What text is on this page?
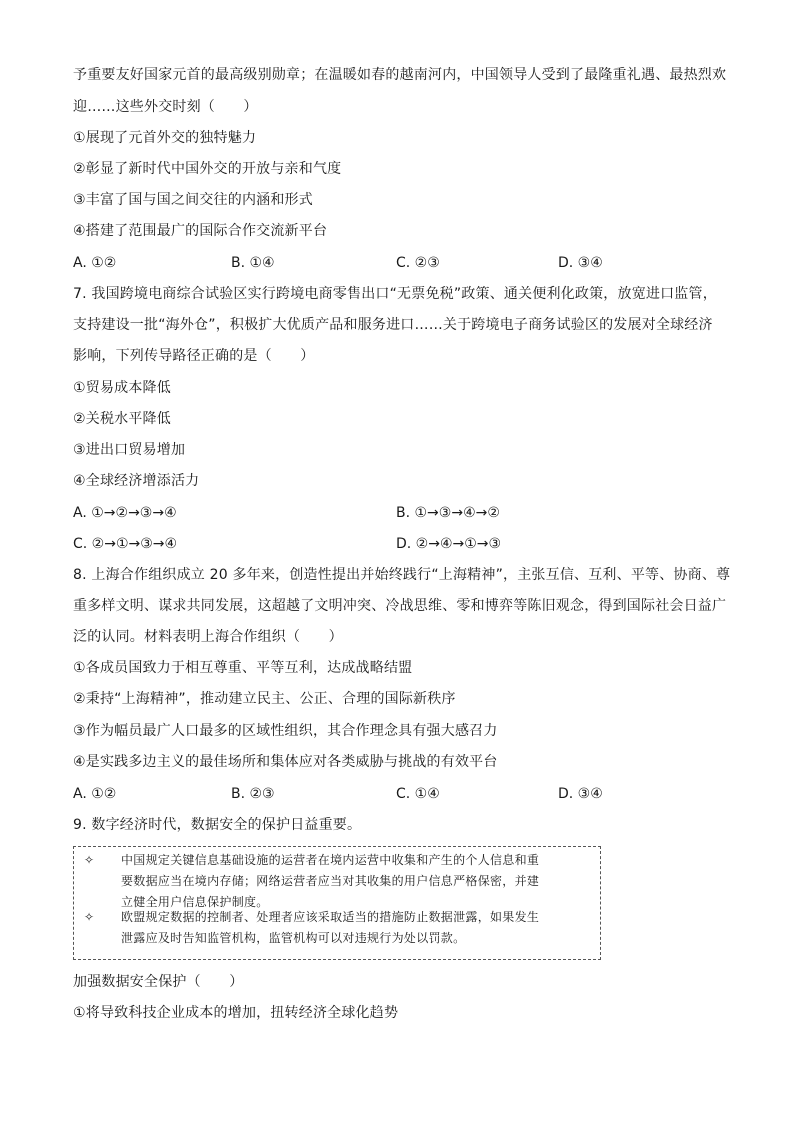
予重要友好国家元首的最高级别勋章；在温暖如春的越南河内，中国领导人受到了最隆重礼遇、最热烈欢
迎……这些外交时刻（　　）
①展现了元首外交的独特魅力
②彰显了新时代中国外交的开放与亲和气度
③丰富了国与国之间交往的内涵和形式
④搭建了范围最广的国际合作交流新平台
A. ①②	B. ①④	C. ②③	D. ③④
7. 我国跨境电商综合试验区实行跨境电商零售出口“无票免税”政策、通关便利化政策，放宽进口监管，
支持建设一批“海外仓”，积极扩大优质产品和服务进口……关于跨境电子商务试验区的发展对全球经济
影响，下列传导路径正确的是（　　）
①贸易成本降低
②关税水平降低
③进出口贸易增加
④全球经济增添活力
A. ①→②→③→④	B. ①→③→④→②
C. ②→①→③→④	D. ②→④→①→③
8. 上海合作组织成立 20 多年来，创造性提出并始终践行“上海精神”，主张互信、互利、平等、协商、尊
重多样文明、谋求共同发展，这超越了文明冲突、冷战思维、零和博弈等陈旧观念，得到国际社会日益广
泛的认同。材料表明上海合作组织（　　）
①各成员国致力于相互尊重、平等互利，达成战略结盟
②秉持“上海精神”，推动建立民主、公正、合理的国际新秩序
③作为幅员最广人口最多的区域性组织，其合作理念具有强大感召力
④是实践多边主义的最佳场所和集体应对各类威胁与挑战的有效平台
A. ①②	B. ②③	C. ①④	D. ③④
9. 数字经济时代，数据安全的保护日益重要。
✧ 中国规定关键信息基础设施的运营者在境内运营中收集和产生的个人信息和重
要数据应当在境内存储；网络运营者应当对其收集的用户信息严格保密，并建
立健全用户信息保护制度。
✧ 欧盟规定数据的控制者、处理者应该采取适当的措施防止数据泄露，如果发生
泄露应及时告知监管机构，监管机构可以对违规行为处以罚款。
加强数据安全保护（　　）
①将导致科技企业成本的增加，扭转经济全球化趋势
